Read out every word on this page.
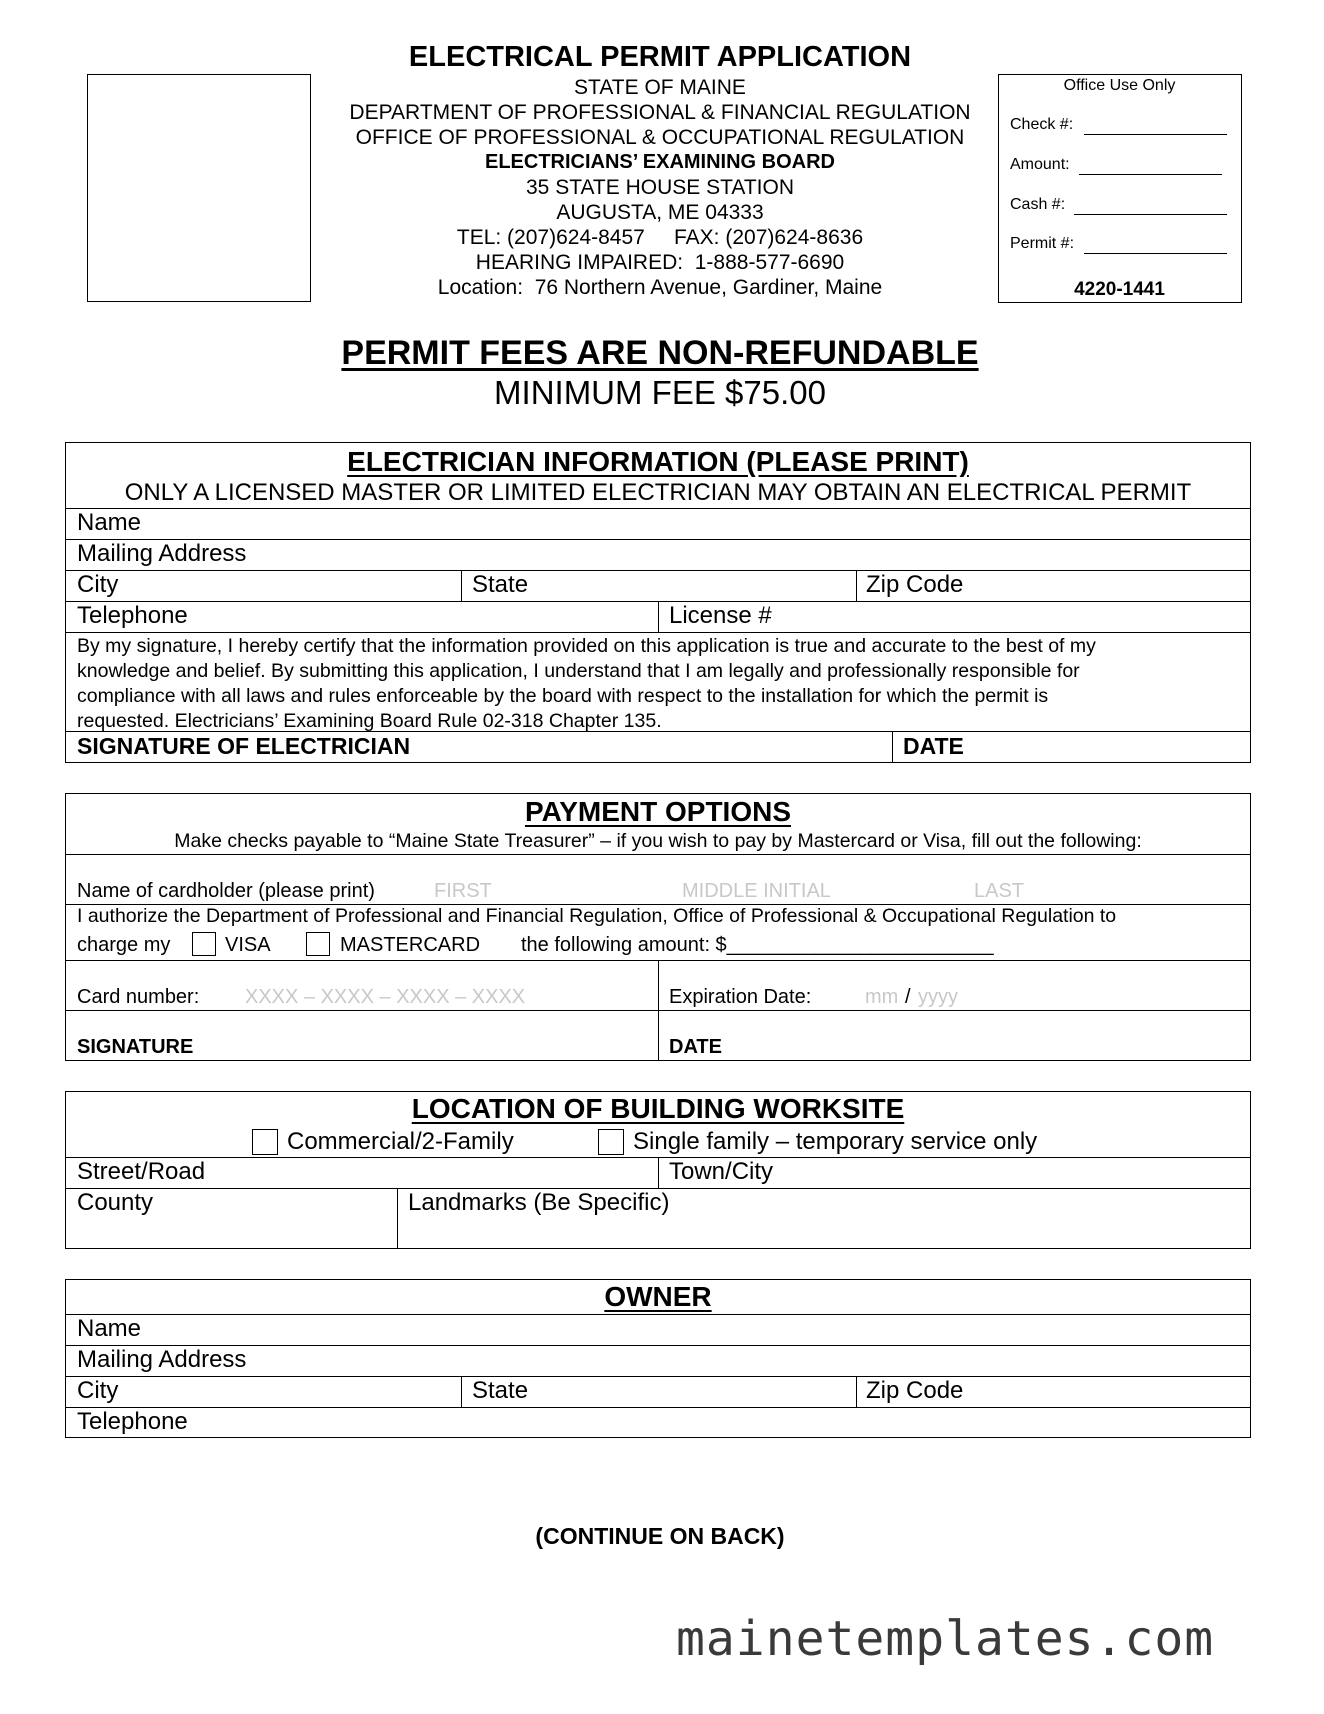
ELECTRICAL PERMIT APPLICATION
STATE OF MAINE
DEPARTMENT OF PROFESSIONAL & FINANCIAL REGULATION
OFFICE OF PROFESSIONAL & OCCUPATIONAL REGULATION
ELECTRICIANS’ EXAMINING BOARD
35 STATE HOUSE STATION
AUGUSTA, ME 04333
TEL: (207)624-8457     FAX: (207)624-8636
HEARING IMPAIRED:  1-888-577-6690
Location:  76 Northern Avenue, Gardiner, Maine
Office Use Only
Check #:
Amount:
Cash #:
Permit #:
4220-1441
PERMIT FEES ARE NON-REFUNDABLE
MINIMUM FEE $75.00
ELECTRICIAN INFORMATION (PLEASE PRINT)
ONLY A LICENSED MASTER OR LIMITED ELECTRICIAN MAY OBTAIN AN ELECTRICAL PERMIT
Name
Mailing Address
City	State	Zip Code
Telephone	License #
By my signature, I hereby certify that the information provided on this application is true and accurate to the best of my
knowledge and belief. By submitting this application, I understand that I am legally and professionally responsible for
compliance with all laws and rules enforceable by the board with respect to the installation for which the permit is
requested. Electricians’ Examining Board Rule 02-318 Chapter 135.
SIGNATURE OF ELECTRICIAN	DATE
PAYMENT OPTIONS
Make checks payable to “Maine State Treasurer” – if you wish to pay by Mastercard or Visa, fill out the following:
Name of cardholder (please print)	FIRST	MIDDLE INITIAL	LAST
I authorize the Department of Professional and Financial Regulation, Office of Professional & Occupational Regulation to
charge my	VISA	MASTERCARD the following amount: $________________________
Card number: XXXX – XXXX – XXXX – XXXX	Expiration Date:	mm / yyyy
SIGNATURE	DATE
LOCATION OF BUILDING WORKSITE
Commercial/2-Family	Single family – temporary service only
Street/Road	Town/City
County	Landmarks (Be Specific)
OWNER
Name
Mailing Address
City	State	Zip Code
Telephone
(CONTINUE ON BACK)
mainetemplates.com
